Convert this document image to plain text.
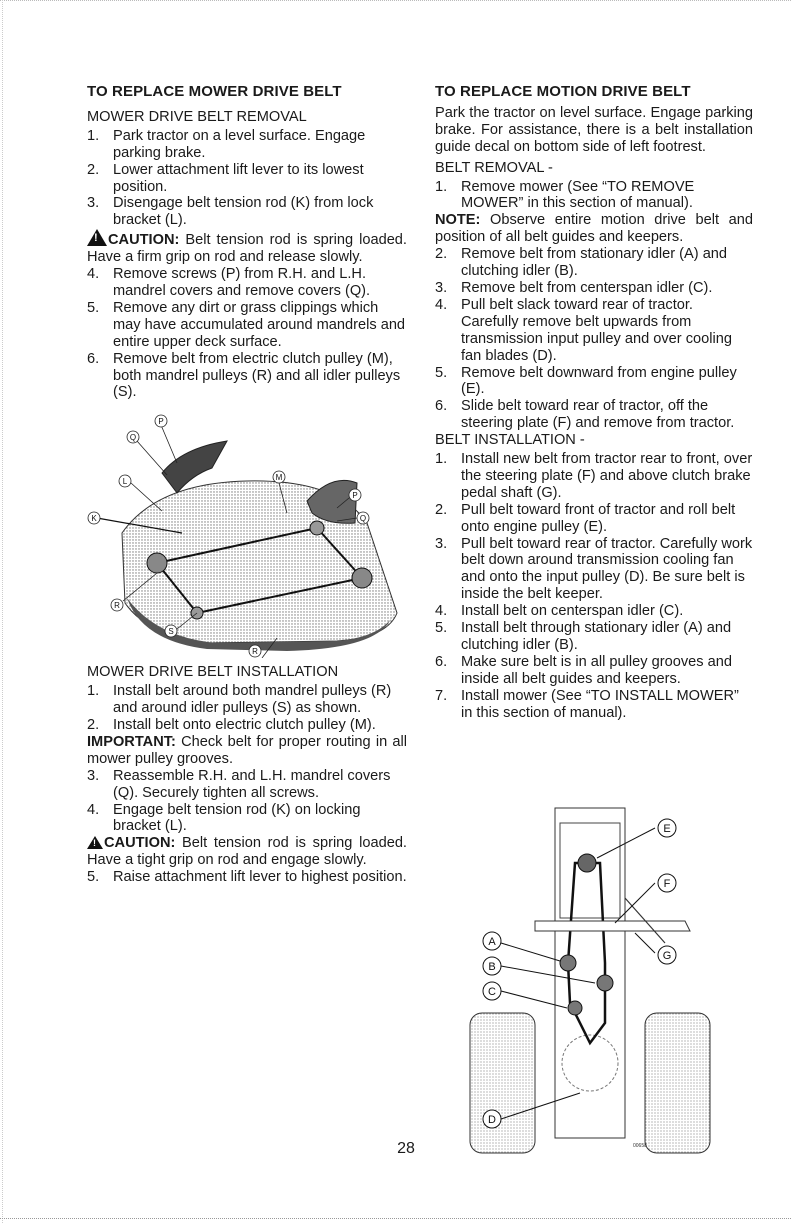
TO REPLACE MOWER DRIVE BELT

MOWER DRIVE BELT REMOVAL

1. Park tractor on a level surface. Engage parking brake.
2. Lower attachment lift lever to its lowest position.
3. Disengage belt tension rod (K) from lock bracket (L).

!CAUTION: Belt tension rod is spring loaded. Have a firm grip on rod and release slowly.

4. Remove screws (P) from R.H. and L.H. mandrel covers and remove covers (Q).
5. Remove any dirt or grass clippings which may have accumulated around mandrels and entire upper deck surface.
6. Remove belt from electric clutch pulley (M), both mandrel pulleys (R) and all idler pulleys (S).
P
Q
L	M
K
P
Q
R
S
R

MOWER DRIVE BELT INSTALLATION

1. Install belt around both mandrel pulleys (R) and around idler pulleys (S) as shown.
2. Install belt onto electric clutch pulley (M).

IMPORTANT: Check belt for proper routing in all mower pulley grooves.

3. Reassemble R.H. and L.H. mandrel covers (Q). Securely tighten all screws.
4. Engage belt tension rod (K) on locking bracket (L).

!CAUTION: Belt tension rod is spring loaded. Have a tight grip on rod and engage slowly.

5. Raise attachment lift lever to highest position.
TO REPLACE MOTION DRIVE BELT

Park the tractor on level surface. Engage parking brake. For assistance, there is a belt installation guide decal on bottom side of left footrest.

BELT REMOVAL -

1. Remove mower (See “TO REMOVE MOWER” in this section of manual).

NOTE: Observe entire motion drive belt and position of all belt guides and keepers.

2. Remove belt from stationary idler (A) and clutching idler (B).
3. Remove belt from centerspan idler (C).
4. Pull belt slack toward rear of tractor. Carefully remove belt upwards from transmission input pulley and over cooling fan blades (D).
5. Remove belt downward from engine pulley (E).
6. Slide belt toward rear of tractor, off the steering plate (F) and remove from tractor.

BELT INSTALLATION -

1. Install new belt from tractor rear to front, over the steering plate (F) and above clutch brake pedal shaft (G).
2. Pull belt toward front of tractor and roll belt onto engine pulley (E).
3. Pull belt toward rear of tractor. Carefully work belt down around transmission cooling fan and onto the input pulley (D). Be sure belt is inside the belt keeper.
4. Install belt on centerspan idler (C).
5. Install belt through stationary idler (A) and clutching idler (B).
6. Make sure belt is in all pulley grooves and inside all belt guides and keepers.
7. Install mower (See “TO INSTALL MOWER” in this section of manual).
E
F
G
A
B
C
D
00658
28
